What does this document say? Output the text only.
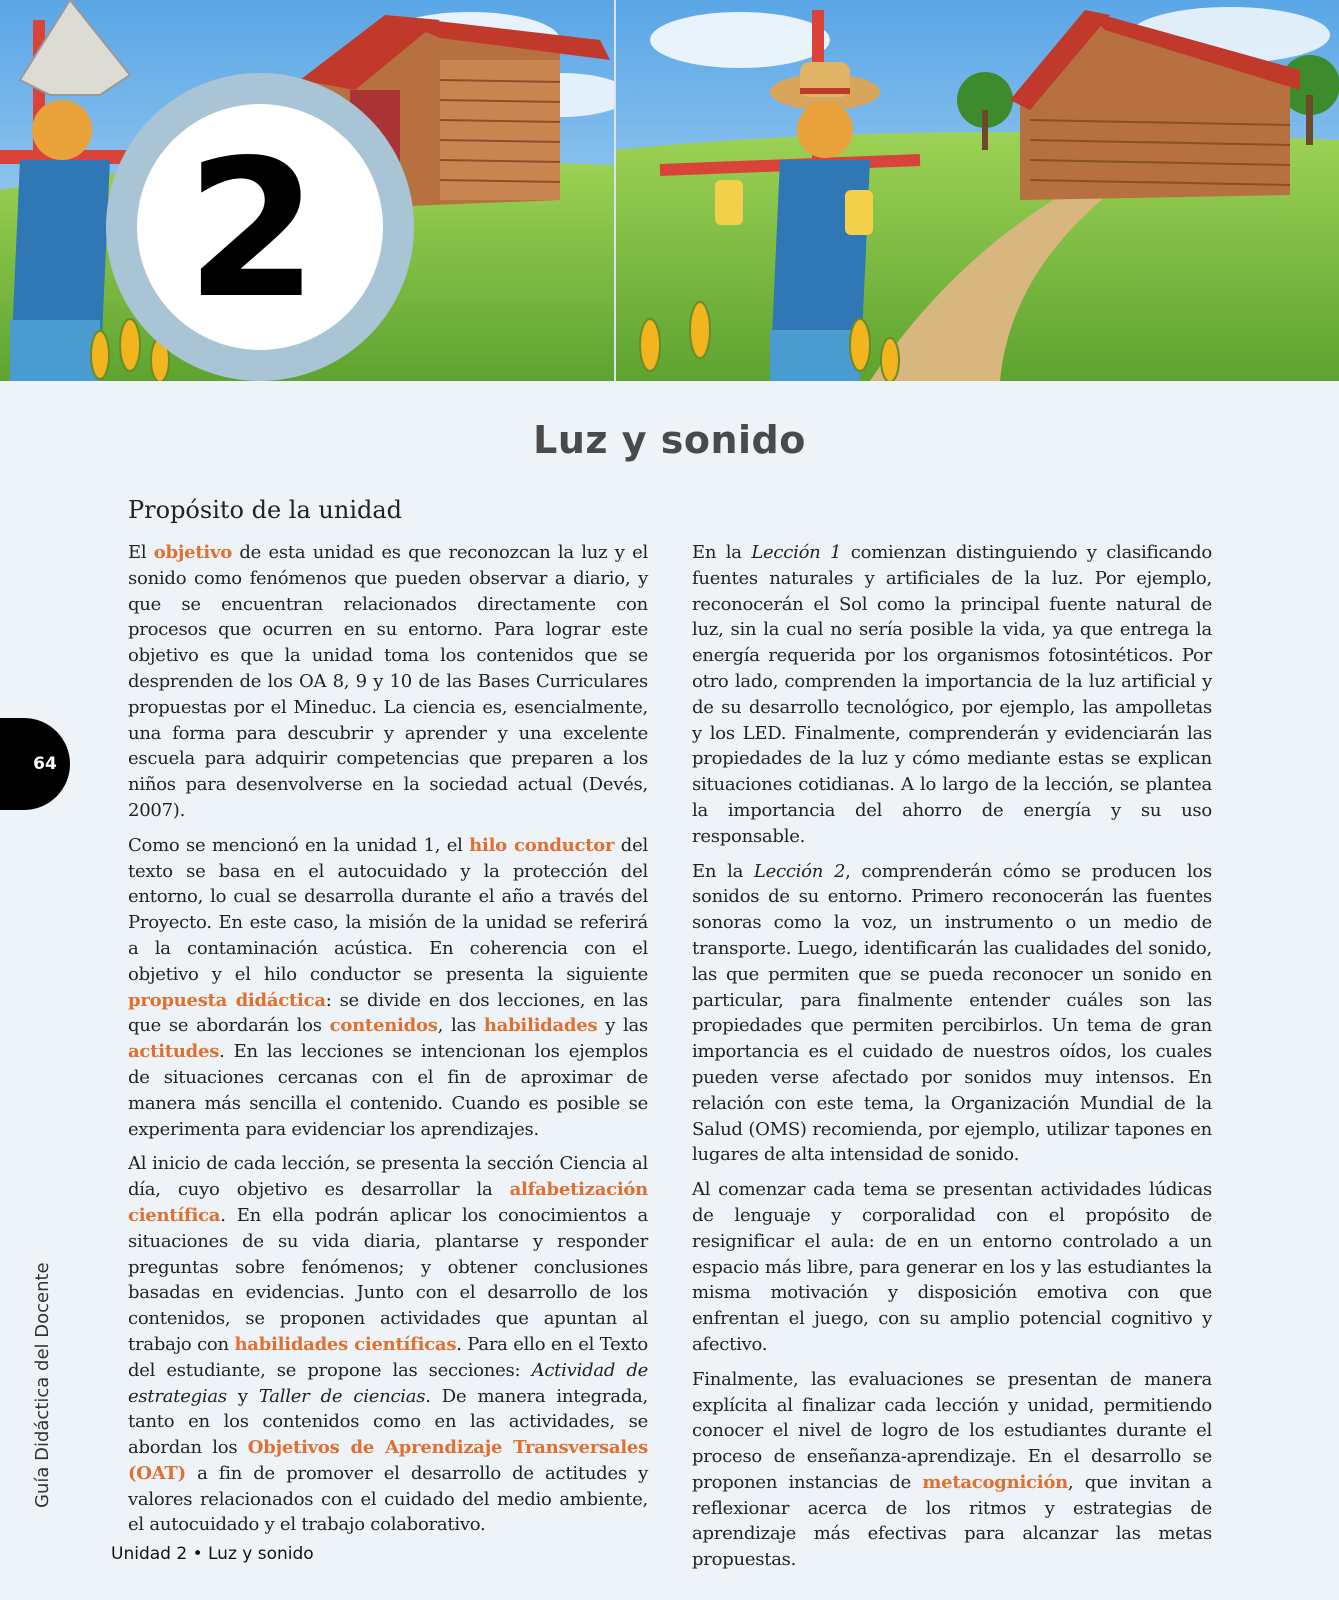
2
Luz y sonido
Propósito de la unidad

El objetivo de esta unidad es que reconozcan la luz y el sonido como fenómenos que pueden observar a diario, y que se encuentran relacionados directamente con procesos que ocurren en su entorno. Para lograr este objetivo es que la unidad toma los contenidos que se desprenden de los OA 8, 9 y 10 de las Bases Curriculares propuestas por el Mineduc. La ciencia es, esencialmente, una forma para descubrir y aprender y una excelente escuela para adquirir competencias que preparen a los niños para desenvolverse en la sociedad actual (Devés, 2007).

Como se mencionó en la unidad 1, el hilo conductor del texto se basa en el autocuidado y la protección del entorno, lo cual se desarrolla durante el año a través del Proyecto. En este caso, la misión de la unidad se referirá a la contaminación acústica. En coherencia con el objetivo y el hilo conductor se presenta la siguiente propuesta didáctica: se divide en dos lecciones, en las que se abordarán los contenidos, las habilidades y las actitudes. En las lecciones se intencionan los ejemplos de situaciones cercanas con el fin de aproximar de manera más sencilla el contenido. Cuando es posible se experimenta para evidenciar los aprendizajes.

Al inicio de cada lección, se presenta la sección Ciencia al día, cuyo objetivo es desarrollar la alfabetización científica. En ella podrán aplicar los conocimientos a situaciones de su vida diaria, plantarse y responder preguntas sobre fenómenos; y obtener conclusiones basadas en evidencias. Junto con el desarrollo de los contenidos, se proponen actividades que apuntan al trabajo con habilidades científicas. Para ello en el Texto del estudiante, se propone las secciones: Actividad de estrategias y Taller de ciencias. De manera integrada, tanto en los contenidos como en las actividades, se abordan los Objetivos de Aprendizaje Transversales (OAT) a fin de promover el desarrollo de actitudes y valores relacionados con el cuidado del medio ambiente, el autocuidado y el trabajo colaborativo.

En la Lección 1 comienzan distinguiendo y clasificando fuentes naturales y artificiales de la luz. Por ejemplo, reconocerán el Sol como la principal fuente natural de luz, sin la cual no sería posible la vida, ya que entrega la energía requerida por los organismos fotosintéticos. Por otro lado, comprenden la importancia de la luz artificial y de su desarrollo tecnológico, por ejemplo, las ampolletas y los LED. Finalmente, comprenderán y evidenciarán las propiedades de la luz y cómo mediante estas se explican situaciones cotidianas. A lo largo de la lección, se plantea la importancia del ahorro de energía y su uso responsable.

En la Lección 2, comprenderán cómo se producen los sonidos de su entorno. Primero reconocerán las fuentes sonoras como la voz, un instrumento o un medio de transporte. Luego, identificarán las cualidades del sonido, las que permiten que se pueda reconocer un sonido en particular, para finalmente entender cuáles son las propiedades que permiten percibirlos. Un tema de gran importancia es el cuidado de nuestros oídos, los cuales pueden verse afectado por sonidos muy intensos. En relación con este tema, la Organización Mundial de la Salud (OMS) recomienda, por ejemplo, utilizar tapones en lugares de alta intensidad de sonido.

Al comenzar cada tema se presentan actividades lúdicas de lenguaje y corporalidad con el propósito de resignificar el aula: de en un entorno controlado a un espacio más libre, para generar en los y las estudiantes la misma motivación y disposición emotiva con que enfrentan el juego, con su amplio potencial cognitivo y afectivo.

Finalmente, las evaluaciones se presentan de manera explícita al finalizar cada lección y unidad, permitiendo conocer el nivel de logro de los estudiantes durante el proceso de enseñanza-aprendizaje. En el desarrollo se proponen instancias de metacognición, que invitan a reflexionar acerca de los ritmos y estrategias de aprendizaje más efectivas para alcanzar las metas propuestas.

64
Guía Didáctica del Docente
Unidad 2 • Luz y sonido
